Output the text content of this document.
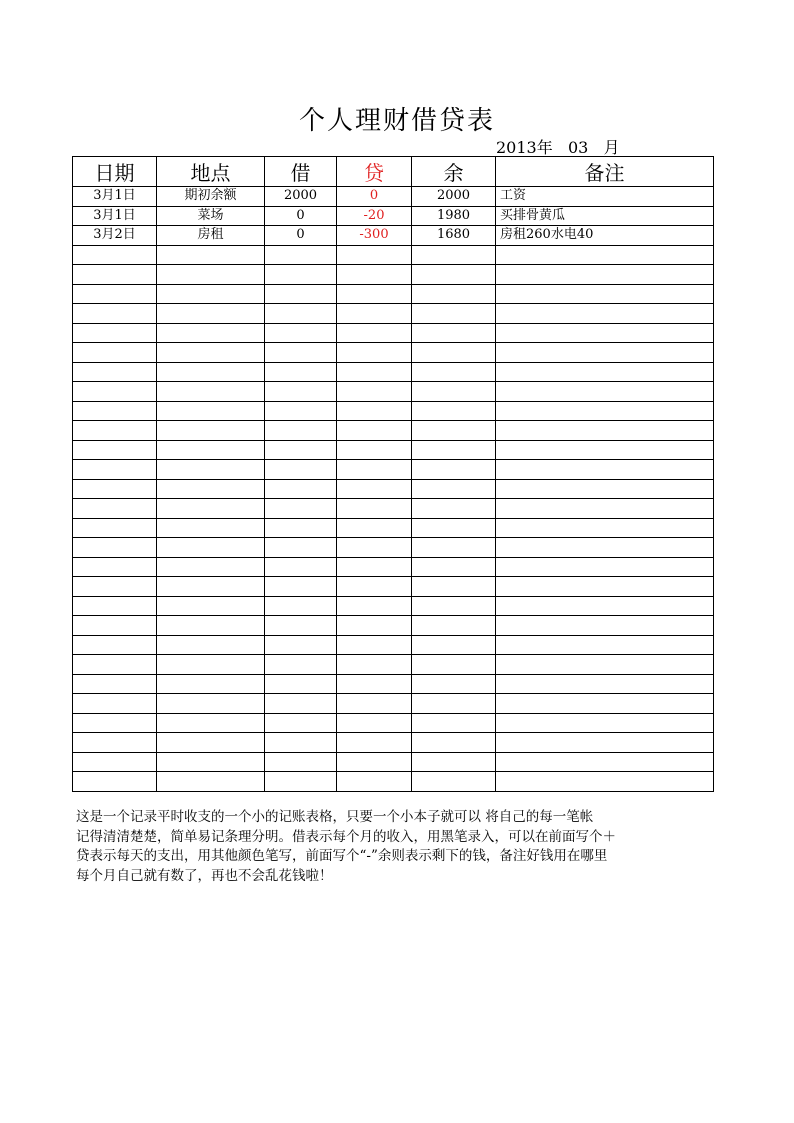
个人理财借贷表
2013年 03 月
日期	地点	借	贷	余	备注
3月1日	期初余额	2000	0	2000	工资
3月1日	菜场	0	-20	1980	买排骨黄瓜
3月2日	房租	0	-300	1680	房租260水电40

这是一个记录平时收支的一个小的记账表格，只要一个小本子就可以 将自己的每一笔帐
记得清清楚楚，简单易记条理分明。借表示每个月的收入，用黑笔录入，可以在前面写个＋
贷表示每天的支出，用其他颜色笔写，前面写个“-”余则表示剩下的钱，备注好钱用在哪里
每个月自己就有数了，再也不会乱花钱啦！
